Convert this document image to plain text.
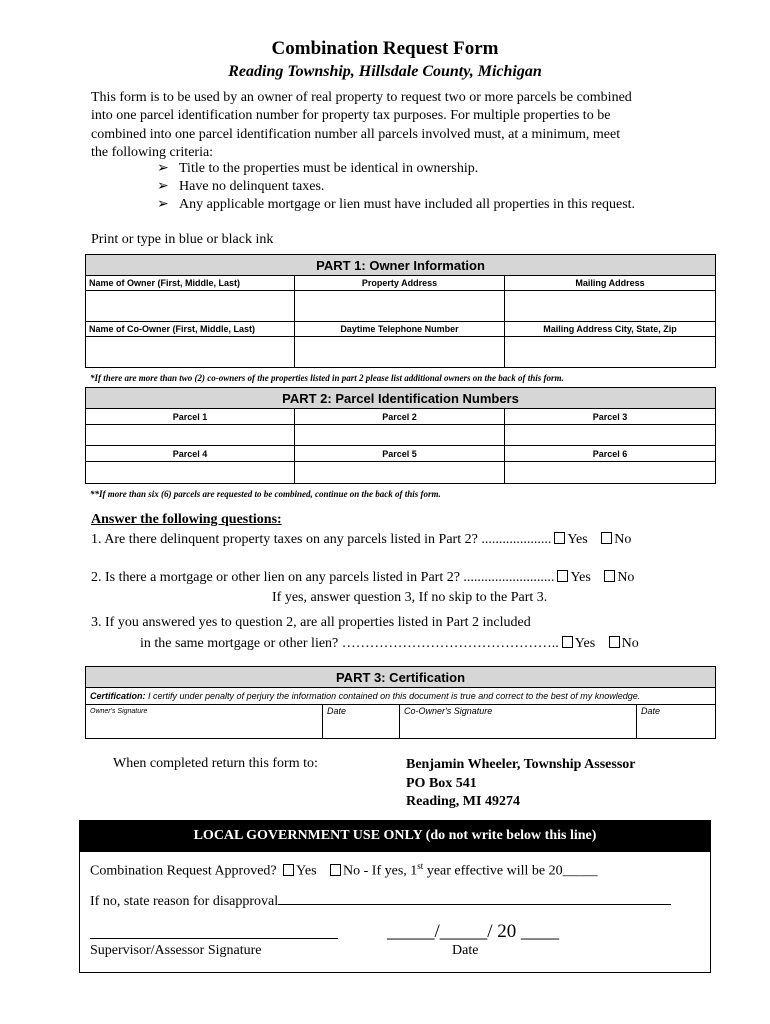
Combination Request Form
Reading Township, Hillsdale County, Michigan
This form is to be used by an owner of real property to request two or more parcels be combined
into one parcel identification number for property tax purposes. For multiple properties to be
combined into one parcel identification number all parcels involved must, at a minimum, meet
the following criteria:
➢ Title to the properties must be identical in ownership.
➢ Have no delinquent taxes.
➢ Any applicable mortgage or lien must have included all properties in this request.
Print or type in blue or black ink
PART 1: Owner Information		
Name of Owner (First, Middle, Last)	Property Address	Mailing Address

Name of Co-Owner (First, Middle, Last)	Daytime Telephone Number	Mailing Address City, State, Zip

*If there are more than two (2) co-owners of the properties listed in part 2 please list additional owners on the back of this form.
PART 2: Parcel Identification Numbers		
Parcel 1	Parcel 2	Parcel 3

Parcel 4	Parcel 5	Parcel 6

**If more than six (6) parcels are requested to be combined, continue on the back of this form.
Answer the following questions:
1. Are there delinquent property taxes on any parcels listed in Part 2? .................... Yes No
2. Is there a mortgage or other lien on any parcels listed in Part 2? .......................... Yes No
If yes, answer question 3, If no skip to the Part 3.
3. If you answered yes to question 2, are all properties listed in Part 2 included
in the same mortgage or other lien? ……………………………………….. Yes No
PART 3: Certification
Certification: I certify under penalty of perjury the information contained on this document is true and correct to the best of my knowledge.
Owner's Signature	Date	Co-Owner's Signature	Date
When completed return this form to:	Benjamin Wheeler, Township Assessor
PO Box 541
Reading, MI 49274
LOCAL GOVERNMENT USE ONLY (do not write below this line)
Combination Request Approved? Yes No - If yes, 1st year effective will be 20_____
If no, state reason for disapproval
_____/_____/ 20 ____
Supervisor/Assessor Signature	Date
